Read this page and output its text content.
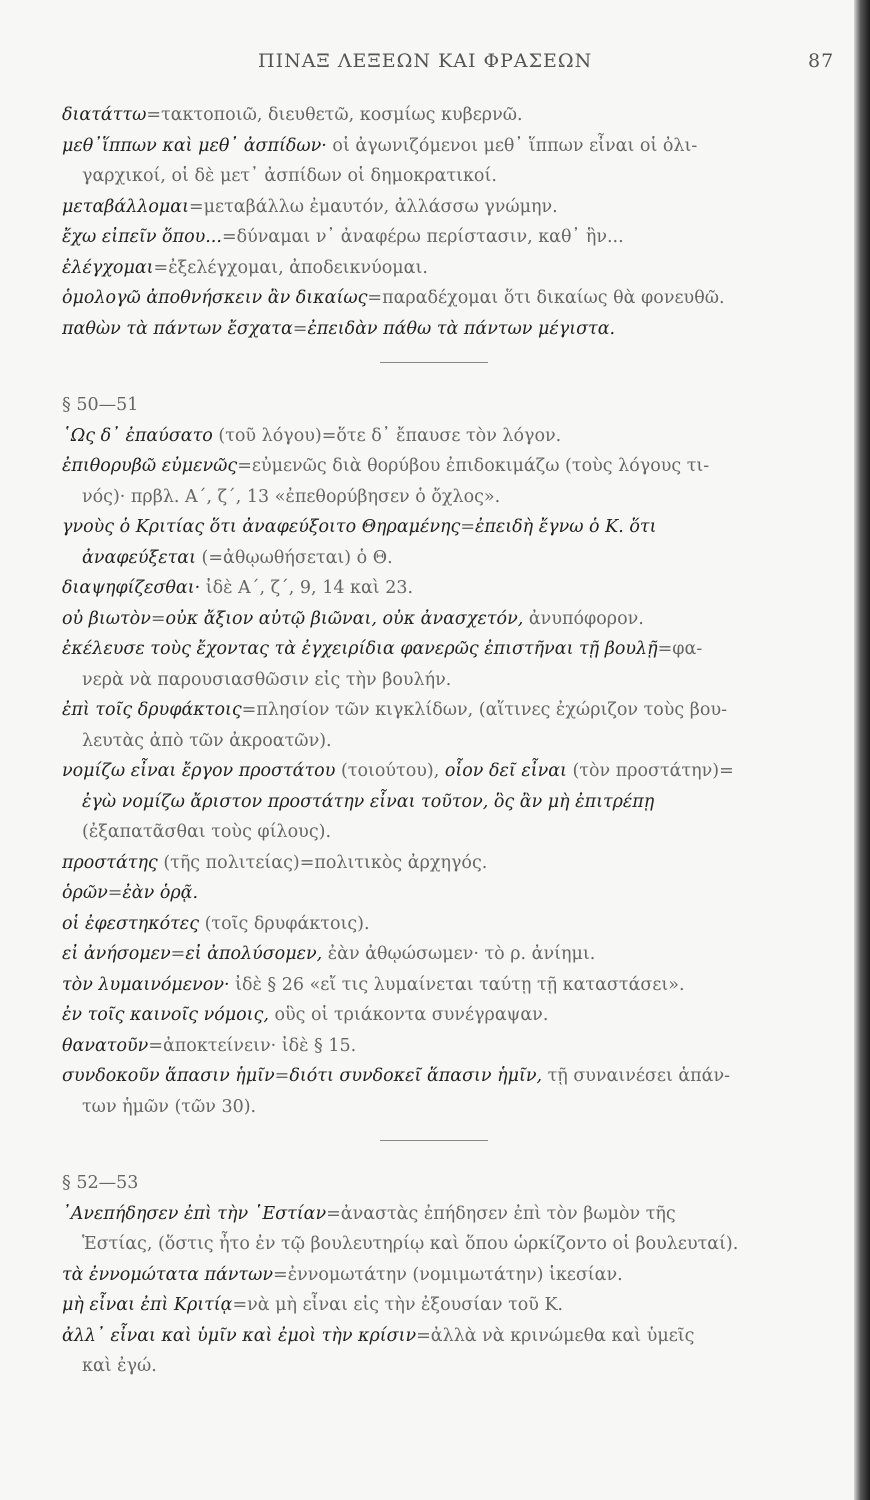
ΠΙΝΑΞ ΛΕΞΕΩΝ ΚΑΙ ΦΡΑΣΕΩΝ	87
διατάττω=τακτοποιῶ, διευθετῶ, κοσμίως κυβερνῶ.
μεθ᾽ἵππων καὶ μεθ᾽ ἀσπίδων· οἱ ἀγωνιζόμενοι μεθ᾽ ἵππων εἶναι οἱ ὀλι-
γαρχικοί, οἱ δὲ μετ᾽ ἀσπίδων οἱ δημοκρατικοί.
μεταβάλλομαι=μεταβάλλω ἐμαυτόν, ἀλλάσσω γνώμην.
ἔχω εἰπεῖν ὅπου...=δύναμαι ν᾽ ἀναφέρω περίστασιν, καθ᾽ ἣν...
ἐλέγχομαι=ἐξελέγχομαι, ἀποδεικνύομαι.
ὁμολογῶ ἀποθνήσκειν ἂν δικαίως=παραδέχομαι ὅτι δικαίως θὰ φονευθῶ.
παθὼν τὰ πάντων ἔσχατα=ἐπειδὰν πάθω τὰ πάντων μέγιστα.
§ 50—51
῾Ως δ᾽ ἐπαύσατο (τοῦ λόγου)=ὅτε δ᾽ ἔπαυσε τὸν λόγον.
ἐπιθορυβῶ εὐμενῶς=εὐμενῶς διὰ θορύβου ἐπιδοκιμάζω (τοὺς λόγους τι-
νός)· πρβλ. Α´, ζ´, 13 «ἐπεθορύβησεν ὁ ὄχλος».
γνοὺς ὁ Κριτίας ὅτι ἀναφεύξοιτο Θηραμένης=ἐπειδὴ ἔγνω ὁ Κ. ὅτι
ἀναφεύξεται (=ἀθῳωθήσεται) ὁ Θ.
διαψηφίζεσθαι· ἰδὲ Α´, ζ´, 9, 14 καὶ 23.
οὐ βιωτὸν=οὐκ ἄξιον αὐτῷ βιῶναι, οὐκ ἀνασχετόν, ἀνυπόφορον.
ἐκέλευσε τοὺς ἔχοντας τὰ ἐγχειρίδια φανερῶς ἐπιστῆναι τῇ βουλῇ=φα-
νερὰ νὰ παρουσιασθῶσιν εἰς τὴν βουλήν.
ἐπὶ τοῖς δρυφάκτοις=πλησίον τῶν κιγκλίδων, (αἵτινες ἐχώριζον τοὺς βου-
λευτὰς ἀπὸ τῶν ἀκροατῶν).
νομίζω εἶναι ἔργον προστάτου (τοιούτου), οἷον δεῖ εἶναι (τὸν προστάτην)=
ἐγὼ νομίζω ἄριστον προστάτην εἶναι τοῦτον, ὃς ἂν μὴ ἐπιτρέπῃ
(ἐξαπατᾶσθαι τοὺς φίλους).
προστάτης (τῆς πολιτείας)=πολιτικὸς ἀρχηγός.
ὁρῶν=ἐὰν ὁρᾷ.
οἱ ἐφεστηκότες (τοῖς δρυφάκτοις).
εἰ ἀνήσομεν=εἰ ἀπολύσομεν, ἐὰν ἀθῳώσωμεν· τὸ ρ. ἀνίημι.
τὸν λυμαινόμενον· ἰδὲ § 26 «εἴ τις λυμαίνεται ταύτῃ τῇ καταστάσει».
ἐν τοῖς καινοῖς νόμοις, οὓς οἱ τριάκοντα συνέγραψαν.
θανατοῦν=ἀποκτείνειν· ἰδὲ § 15.
συνδοκοῦν ἅπασιν ἡμῖν=διότι συνδοκεῖ ἅπασιν ἡμῖν, τῇ συναινέσει ἁπάν-
των ἡμῶν (τῶν 30).
§ 52—53
᾿Ανεπήδησεν ἐπὶ τὴν ῾Εστίαν=ἀναστὰς ἐπήδησεν ἐπὶ τὸν βωμὸν τῆς
Ἑστίας, (ὅστις ἦτο ἐν τῷ βουλευτηρίῳ καὶ ὅπου ὡρκίζοντο οἱ βουλευταί).
τὰ ἐννομώτατα πάντων=ἐννομωτάτην (νομιμωτάτην) ἱκεσίαν.
μὴ εἶναι ἐπὶ Κριτίᾳ=νὰ μὴ εἶναι εἰς τὴν ἐξουσίαν τοῦ Κ.
ἀλλ᾽ εἶναι καὶ ὑμῖν καὶ ἐμοὶ τὴν κρίσιν=ἀλλὰ νὰ κρινώμεθα καὶ ὑμεῖς
καὶ ἐγώ.
